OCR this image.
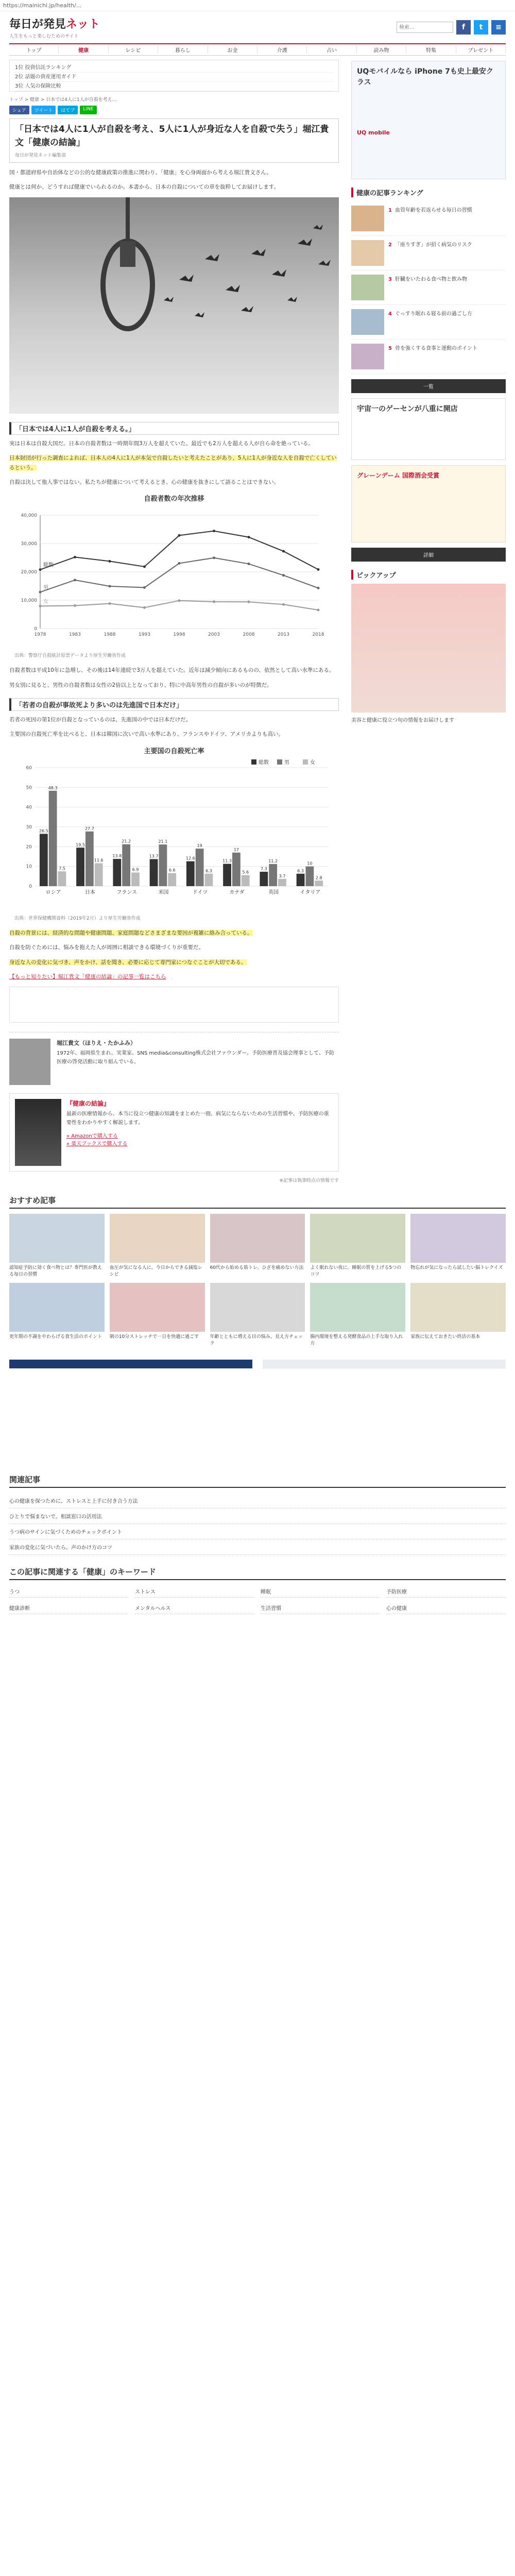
https://mainichi.jp/health/...
毎日が発見ネット
人生をもっと楽しむためのサイト
検索…
f	t	≡
トップ	健康	レシピ	暮らし	お金	介護	占い	読み物	特集	プレゼント
1位 投資信託ランキング
2位 話題の資産運用ガイド
3位 人気の保険比較
トップ > 健康 > 日本では4人に1人が自殺を考え…
シェア	ツイート	はてブ	LINE
「日本では4人に1人が自殺を考え、5人に1人が身近な人を自殺で失う」堀江貴文「健康の結論」
毎日が発見ネット編集部

国・都道府県や自治体などの公的な健康政策の推進に関わり、「健康」を心身両面から考える堀江貴文さん。

健康とは何か、どうすれば健康でいられるのか。本書から、日本の自殺についての章を抜粋してお届けします。

「日本では4人に1人が自殺を考える。」

実は日本は自殺大国だ。日本の自殺者数は一時期年間3万人を超えていた。最近でも2万人を超える人が自ら命を絶っている。

日本財団が行った調査によれば、日本人の4人に1人が本気で自殺したいと考えたことがあり、5人に1人が身近な人を自殺で亡くしているという。

自殺は決して他人事ではない。私たちが健康について考えるとき、心の健康を抜きにして語ることはできない。

自殺者数の年次推移
0
10,000
20,000
30,000
40,000
1978	1983	1988	1993	1998	2003	2008	2013	2018
総数
男
女
出典：警察庁自殺統計原票データより厚生労働省作成

自殺者数は平成10年に急増し、その後は14年連続で3万人を超えていた。近年は減少傾向にあるものの、依然として高い水準にある。

男女別に見ると、男性の自殺者数は女性の2倍以上となっており、特に中高年男性の自殺が多いのが特徴だ。

「若者の自殺が事故死より多いのは先進国で日本だけ」

若者の死因の第1位が自殺となっているのは、先進国の中では日本だけだ。

主要国の自殺死亡率を比べると、日本は韓国に次いで高い水準にあり、フランスやドイツ、アメリカよりも高い。

主要国の自殺死亡率
0
10
20
30
40
50
60
26.5
48.3
7.5
ロシア
19.5
27.7
11.6
日本
13.8
21.2
6.9
フランス
13.7
21.1
6.6
米国
12.6
19
6.3
ドイツ
11.3
17
5.6
カナダ
7.3
11.2
3.7
英国
6.3
10
2.8
イタリア
総数	男	女
出典：世界保健機関資料（2019年2月）より厚生労働省作成

自殺の背景には、経済的な問題や健康問題、家庭問題などさまざまな要因が複雑に絡み合っている。

自殺を防ぐためには、悩みを抱えた人が周囲に相談できる環境づくりが重要だ。

身近な人の変化に気づき、声をかけ、話を聞き、必要に応じて専門家につなぐことが大切である。

【もっと知りたい】堀江貴文「健康の結論」の記事一覧はこちら

堀江貴文（ほりえ・たかふみ）
1972年、福岡県生まれ。実業家。SNS media&consulting株式会社ファウンダー。予防医療普及協会理事として、予防医療の啓発活動に取り組んでいる。
『健康の結論』
最新の医療情報から、本当に役立つ健康の知識をまとめた一冊。病気にならないための生活習慣や、予防医療の重要性をわかりやすく解説します。
» Amazonで購入する
» 楽天ブックスで購入する
※記事は執筆時点の情報です
UQモバイルなら iPhone 7も史上最安クラス
UQ mobile
健康の記事ランキング
1 血管年齢を若返らせる毎日の習慣
2 「座りすぎ」が招く病気のリスク
3 肝臓をいたわる食べ物と飲み物
4 ぐっすり眠れる寝る前の過ごし方
5 骨を強くする食事と運動のポイント
一覧
宇宙一のゲーセンが八重に開店
グレーンデーム 国際酒会受賞
詳細
ピックアップ
美容と健康に役立つ旬の情報をお届けします
おすすめ記事
認知症予防に効く食べ物とは？専門医が教える毎日の習慣
血圧が気になる人に。今日からできる減塩レシピ
60代から始める筋トレ。ひざを痛めない方法	よく眠れない夜に。睡眠の質を上げる5つのコツ
物忘れが気になったら試したい脳トレクイズ
更年期の不調をやわらげる食生活のポイント	朝の10分ストレッチで一日を快適に過ごす	年齢とともに増える目の悩み。見え方チェック
腸内環境を整える発酵食品の上手な取り入れ方
家族に伝えておきたい終活の基本
関連記事
心の健康を保つために。ストレスと上手に付き合う方法
ひとりで悩まないで。相談窓口の活用法
うつ病のサインに気づくためのチェックポイント
家族の変化に気づいたら。声のかけ方のコツ
この記事に関連する「健康」のキーワード
うつ	ストレス	睡眠	予防医療
健康診断	メンタルヘルス	生活習慣	心の健康
